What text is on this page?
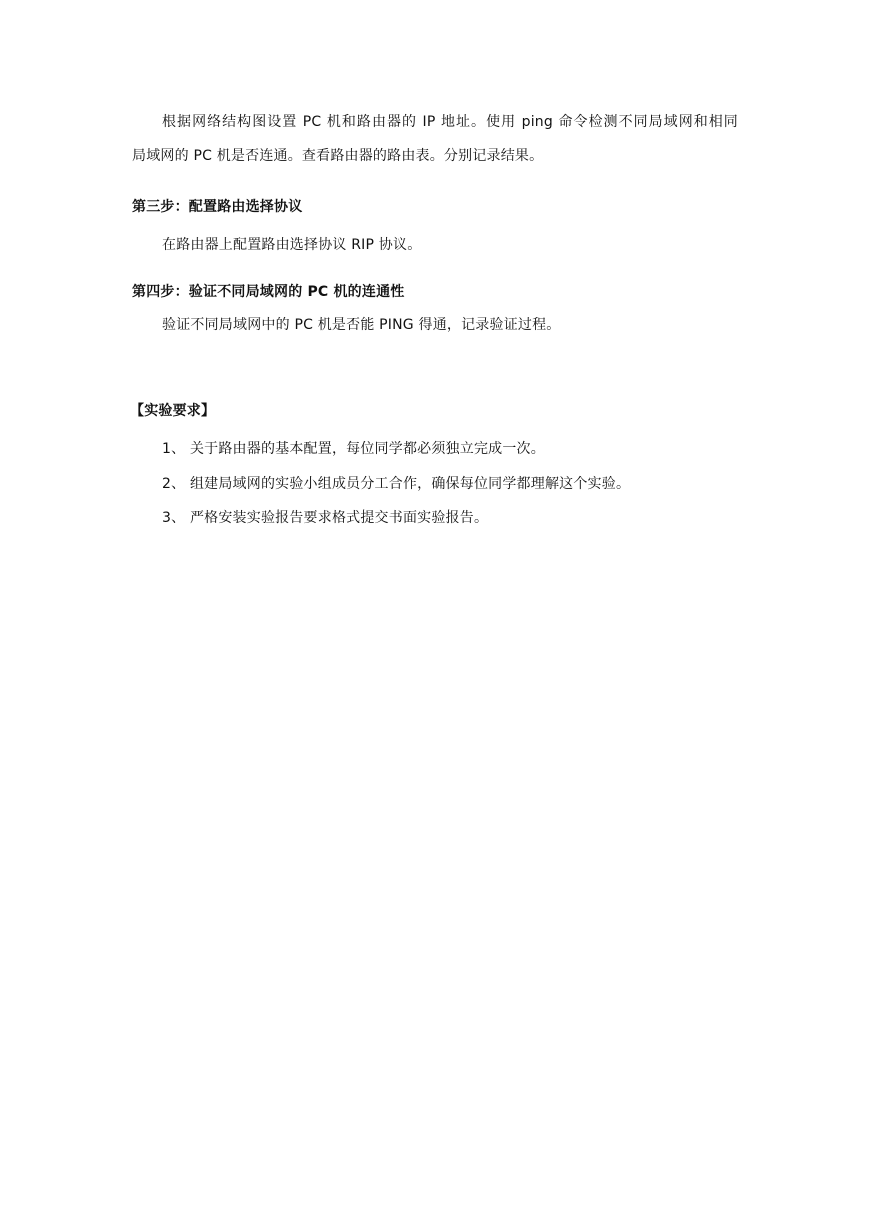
根据网络结构图设置 PC 机和路由器的 IP 地址。使用 ping 命令检测不同局域网和相同
局域网的 PC 机是否连通。查看路由器的路由表。分别记录结果。
第三步：配置路由选择协议
在路由器上配置路由选择协议 RIP 协议。
第四步：验证不同局域网的 PC 机的连通性
验证不同局域网中的 PC 机是否能 PING 得通，记录验证过程。
【实验要求】
1、 关于路由器的基本配置，每位同学都必须独立完成一次。
2、 组建局域网的实验小组成员分工合作，确保每位同学都理解这个实验。
3、 严格安装实验报告要求格式提交书面实验报告。
